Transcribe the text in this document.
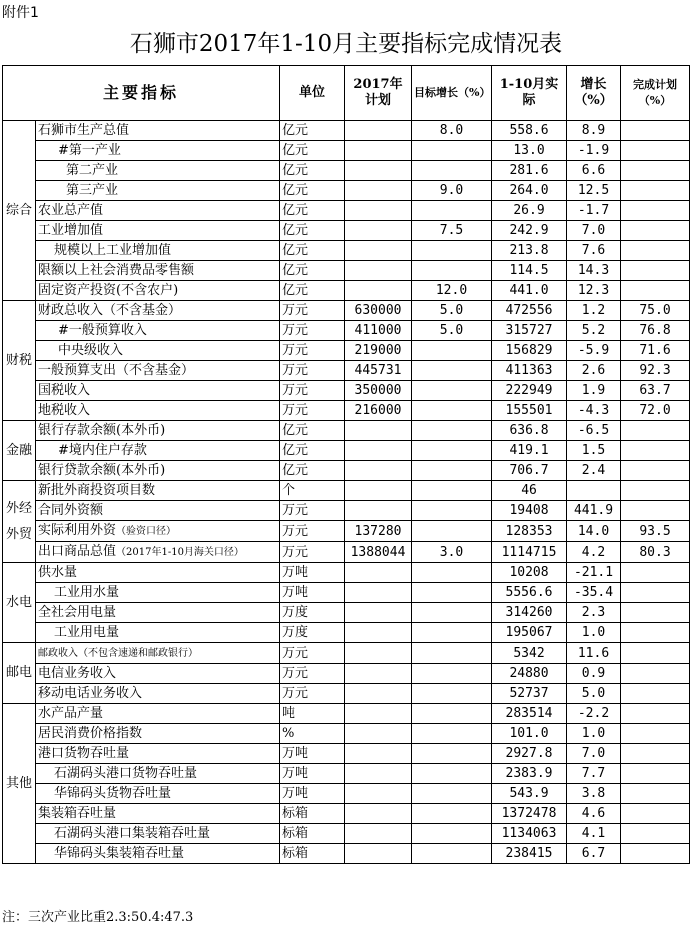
附件1
石狮市2017年1-10月主要指标完成情况表
主要指标		单位	2017年计划	目标增长（%）	1-10月实际	增长（%）	完成计划（%）
综合	石狮市生产总值	亿元		8.0	558.6	8.9	
	#第一产业	亿元			13.0	-1.9	
	第二产业	亿元			281.6	6.6	
	第三产业	亿元		9.0	264.0	12.5	
	农业总产值	亿元			26.9	-1.7	
	工业增加值	亿元		7.5	242.9	7.0	
	规模以上工业增加值	亿元			213.8	7.6	
	限额以上社会消费品零售额	亿元			114.5	14.3	
	固定资产投资(不含农户)	亿元		12.0	441.0	12.3	
财税	财政总收入（不含基金）	万元	630000	5.0	472556	1.2	75.0
	#一般预算收入	万元	411000	5.0	315727	5.2	76.8
	中央级收入	万元	219000		156829	-5.9	71.6
	一般预算支出（不含基金）	万元	445731		411363	2.6	92.3
	国税收入	万元	350000		222949	1.9	63.7
	地税收入	万元	216000		155501	-4.3	72.0
金融	银行存款余额(本外币)	亿元			636.8	-6.5	
	#境内住户存款	亿元			419.1	1.5	
	银行贷款余额(本外币)	亿元			706.7	2.4	
外经外贸	新批外商投资项目数	个			46		
	合同外资额	万元			19408	441.9	
	实际利用外资（验资口径）	万元	137280		128353	14.0	93.5
	出口商品总值（2017年1-10月海关口径）	万元	1388044	3.0	1114715	4.2	80.3
水电	供水量	万吨			10208	-21.1	
	工业用水量	万吨			5556.6	-35.4	
	全社会用电量	万度			314260	2.3	
	工业用电量	万度			195067	1.0	
邮电	邮政收入（不包含速递和邮政银行）	万元			5342	11.6	
	电信业务收入	万元			24880	0.9	
	移动电话业务收入	万元			52737	5.0	
其他	水产品产量	吨			283514	-2.2	
	居民消费价格指数	%			101.0	1.0	
	港口货物吞吐量	万吨			2927.8	7.0	
	石湖码头港口货物吞吐量	万吨			2383.9	7.7	
	华锦码头货物吞吐量	万吨			543.9	3.8	
	集装箱吞吐量	标箱			1372478	4.6	
	石湖码头港口集装箱吞吐量	标箱			1134063	4.1	
	华锦码头集装箱吞吐量	标箱			238415	6.7	
注：三次产业比重2.3:50.4:47.3
